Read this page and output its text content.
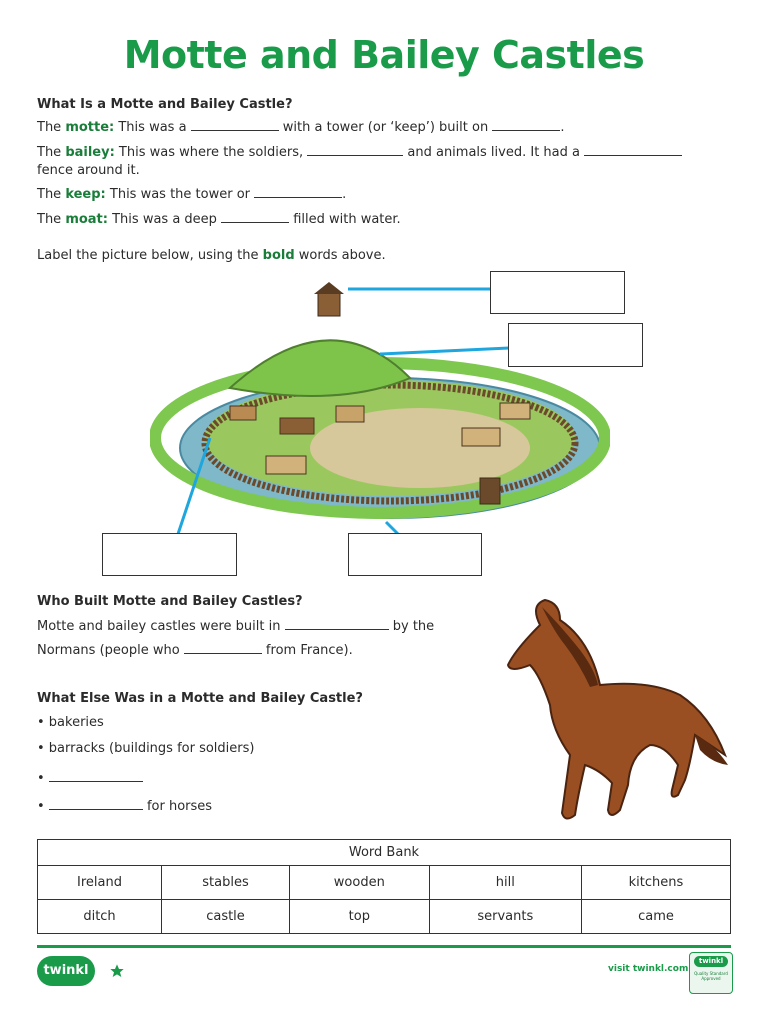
Motte and Bailey Castles
What Is a Motte and Bailey Castle?
The motte: This was a	with a tower (or ‘keep’) built on	.
The bailey: This was where the soldiers,	and animals lived. It had a
fence around it.
The keep: This was the tower or	.
The moat: This was a deep	filled with water.
Label the picture below, using the bold words above.
Who Built Motte and Bailey Castles?
Motte and bailey castles were built in	by the
Normans (people who	from France).
What Else Was in a Motte and Bailey Castle?
• bakeries
• barracks (buildings for soldiers)
•
•	for horses
Word Bank				
Ireland	stables	wooden	hill	kitchens
ditch	castle	top	servants	came
twinkl	visit twinkl.com
twinkl
Quality Standard Approved
